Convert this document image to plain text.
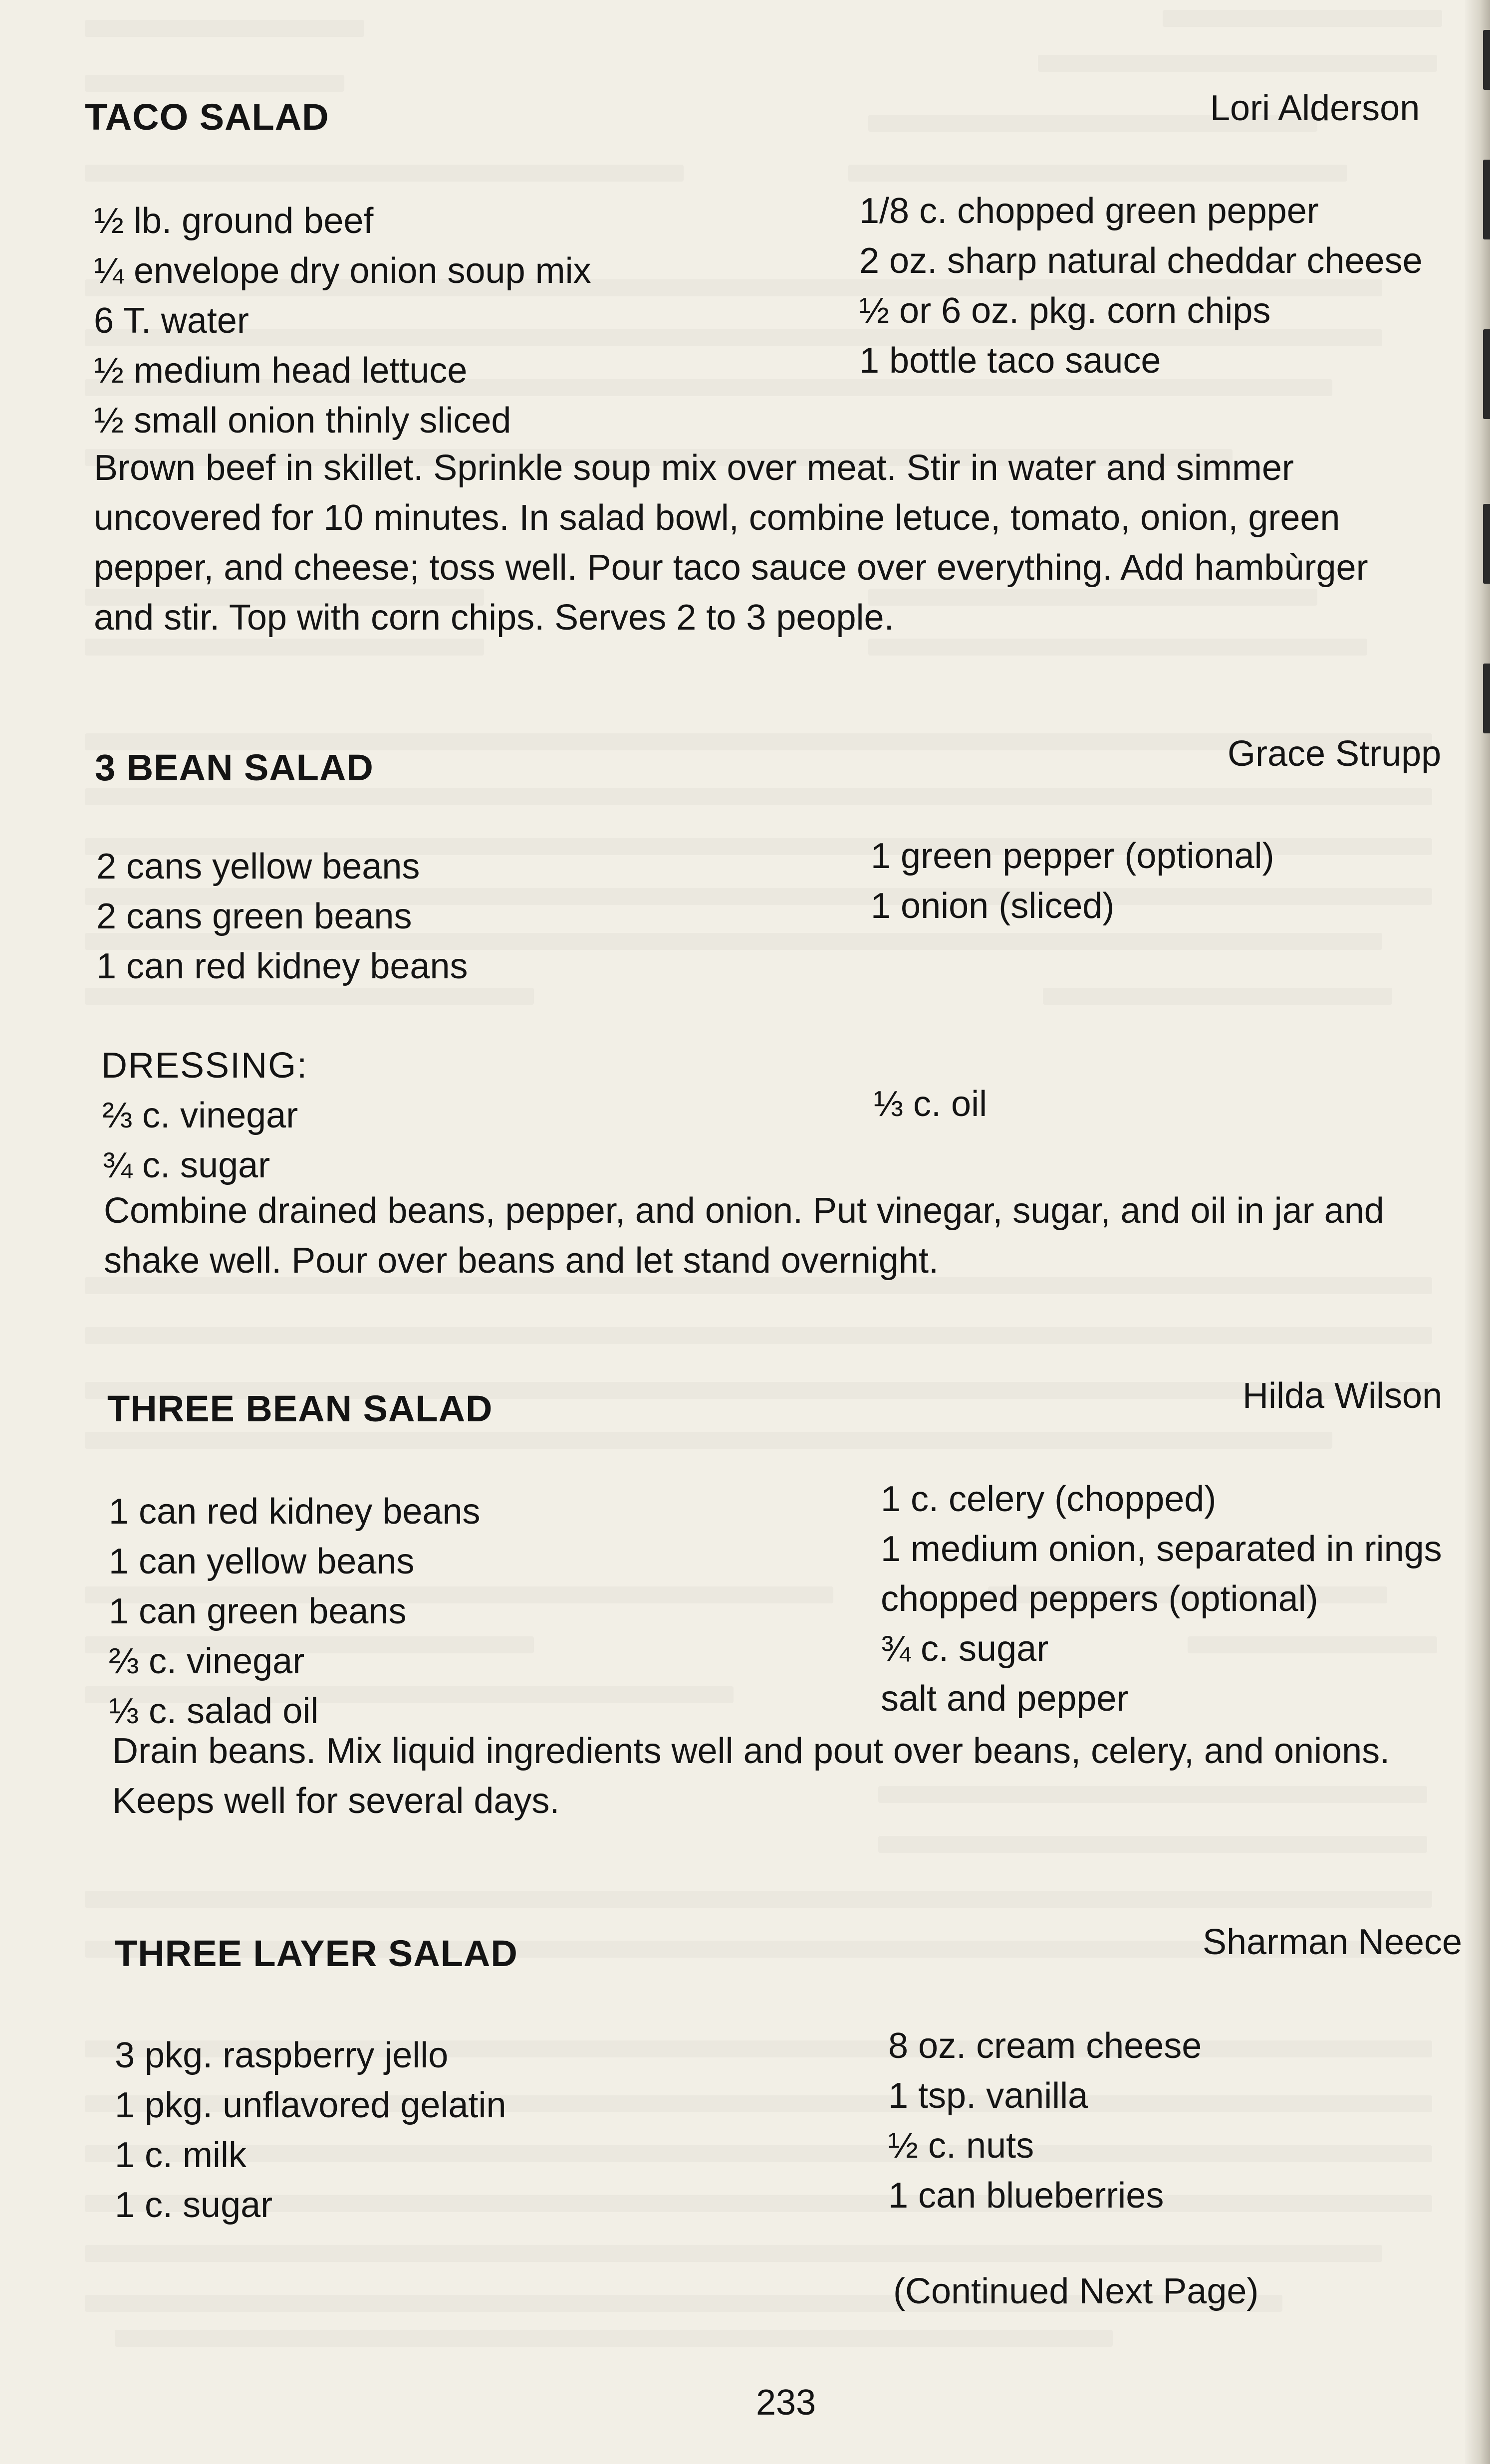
TACO SALAD	Lori Alderson
½ lb. ground beef
¼ envelope dry onion soup mix
6 T. water
½ medium head lettuce
½ small onion thinly sliced
1/8 c. chopped green pepper
2 oz. sharp natural cheddar cheese
½ or 6 oz. pkg. corn chips
1 bottle taco sauce
Brown beef in skillet. Sprinkle soup mix over meat. Stir in water and simmer
uncovered for 10 minutes. In salad bowl, combine letuce, tomato, onion, green
pepper, and cheese; toss well. Pour taco sauce over everything. Add hambùrger
and stir. Top with corn chips. Serves 2 to 3 people.
3 BEAN SALAD	Grace Strupp
2 cans yellow beans
2 cans green beans
1 can red kidney beans
1 green pepper (optional)
1 onion (sliced)
DRESSING:
⅔ c. vinegar
¾ c. sugar
⅓ c. oil
Combine drained beans, pepper, and onion. Put vinegar, sugar, and oil in jar and
shake well. Pour over beans and let stand overnight.
THREE BEAN SALAD	Hilda Wilson
1 can red kidney beans
1 can yellow beans
1 can green beans
⅔ c. vinegar
⅓ c. salad oil
1 c. celery (chopped)
1 medium onion, separated in rings
chopped peppers (optional)
¾ c. sugar
salt and pepper
Drain beans. Mix liquid ingredients well and pout over beans, celery, and onions.
Keeps well for several days.
THREE LAYER SALAD	Sharman Neece
3 pkg. raspberry jello
1 pkg. unflavored gelatin
1 c. milk
1 c. sugar
8 oz. cream cheese
1 tsp. vanilla
½ c. nuts
1 can blueberries
(Continued Next Page)
233
